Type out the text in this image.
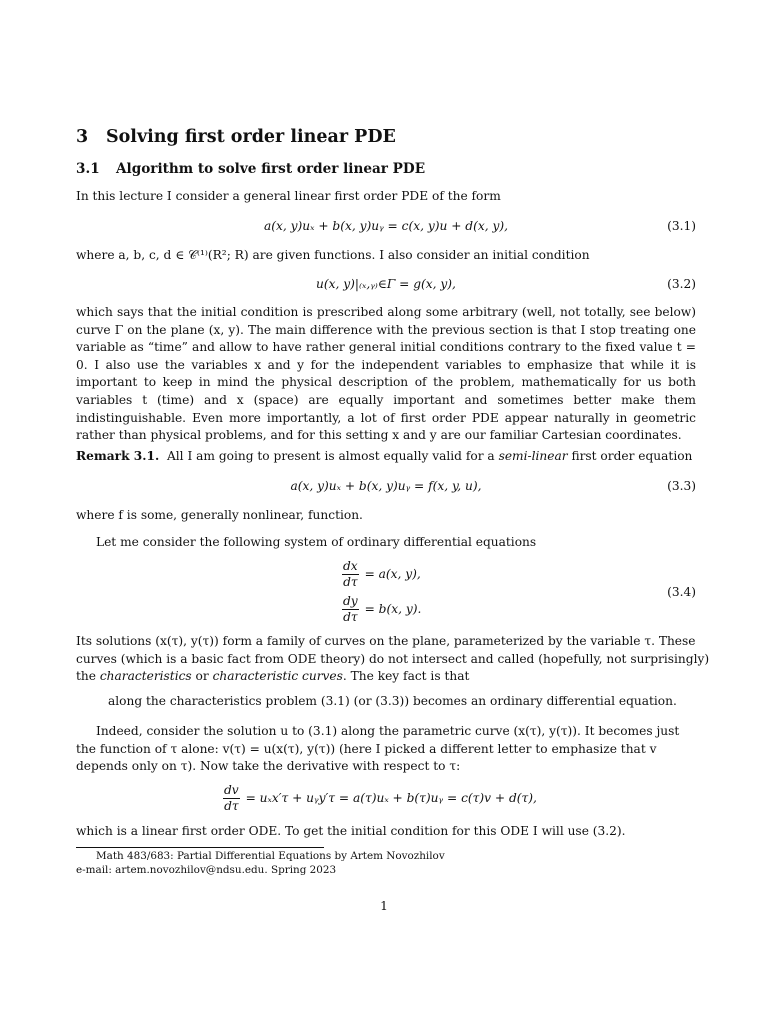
3 Solving first order linear PDE
3.1 Algorithm to solve first order linear PDE
In this lecture I consider a general linear first order PDE of the form
a(x, y)uₓ + b(x, y)uᵧ = c(x, y)u + d(x, y),	(3.1)
where a, b, c, d ∈ 𝒞⁽¹⁾(R²; R) are given functions. I also consider an initial condition
u(x, y)|₍ₓ,ᵧ₎∈Γ = g(x, y),	(3.2)

which says that the initial condition is prescribed along some arbitrary (well, not totally, see below) curve Γ on the plane (x, y). The main difference with the previous section is that I stop treating one variable as “time” and allow to have rather general initial conditions contrary to the fixed value t = 0. I also use the variables x and y for the independent variables to emphasize that while it is important to keep in mind the physical description of the problem, mathematically for us both variables t (time) and x (space) are equally important and sometimes better make them indistinguishable. Even more importantly, a lot of first order PDE appear naturally in geometric rather than physical problems, and for this setting x and y are our familiar Cartesian coordinates.

Remark 3.1. All I am going to present is almost equally valid for a semi-linear first order equation
a(x, y)uₓ + b(x, y)uᵧ = f(x, y, u),	(3.3)
where f is some, generally nonlinear, function.
Let me consider the following system of ordinary differential equations
$\frac{dx}{d\tau} = a(x$, y),
$\frac{dy}{d\tau} = b(x$, y).
(3.4)
Its solutions (x(τ), y(τ)) form a family of curves on the plane, parameterized by the variable τ. These
curves (which is a basic fact from ODE theory) do not intersect and called (hopefully, not surprisingly)
the characteristics or characteristic curves. The key fact is that
along the characteristics problem (3.1) (or (3.3)) becomes an ordinary differential equation.
Indeed, consider the solution u to (3.1) along the parametric curve (x(τ), y(τ)). It becomes just
the function of τ alone: v(τ) = u(x(τ), y(τ)) (here I picked a different letter to emphasize that v
depends only on τ). Now take the derivative with respect to τ:
$\frac{dv}{d\tau} = u_xx'\tau$ + uᵧy′τ = a(τ)uₓ + b(τ)uᵧ = c(τ)v + d(τ),
which is a linear first order ODE. To get the initial condition for this ODE I will use (3.2).
Math 483/683: Partial Differential Equations by Artem Novozhilov
e-mail: artem.novozhilov@ndsu.edu. Spring 2023
1
